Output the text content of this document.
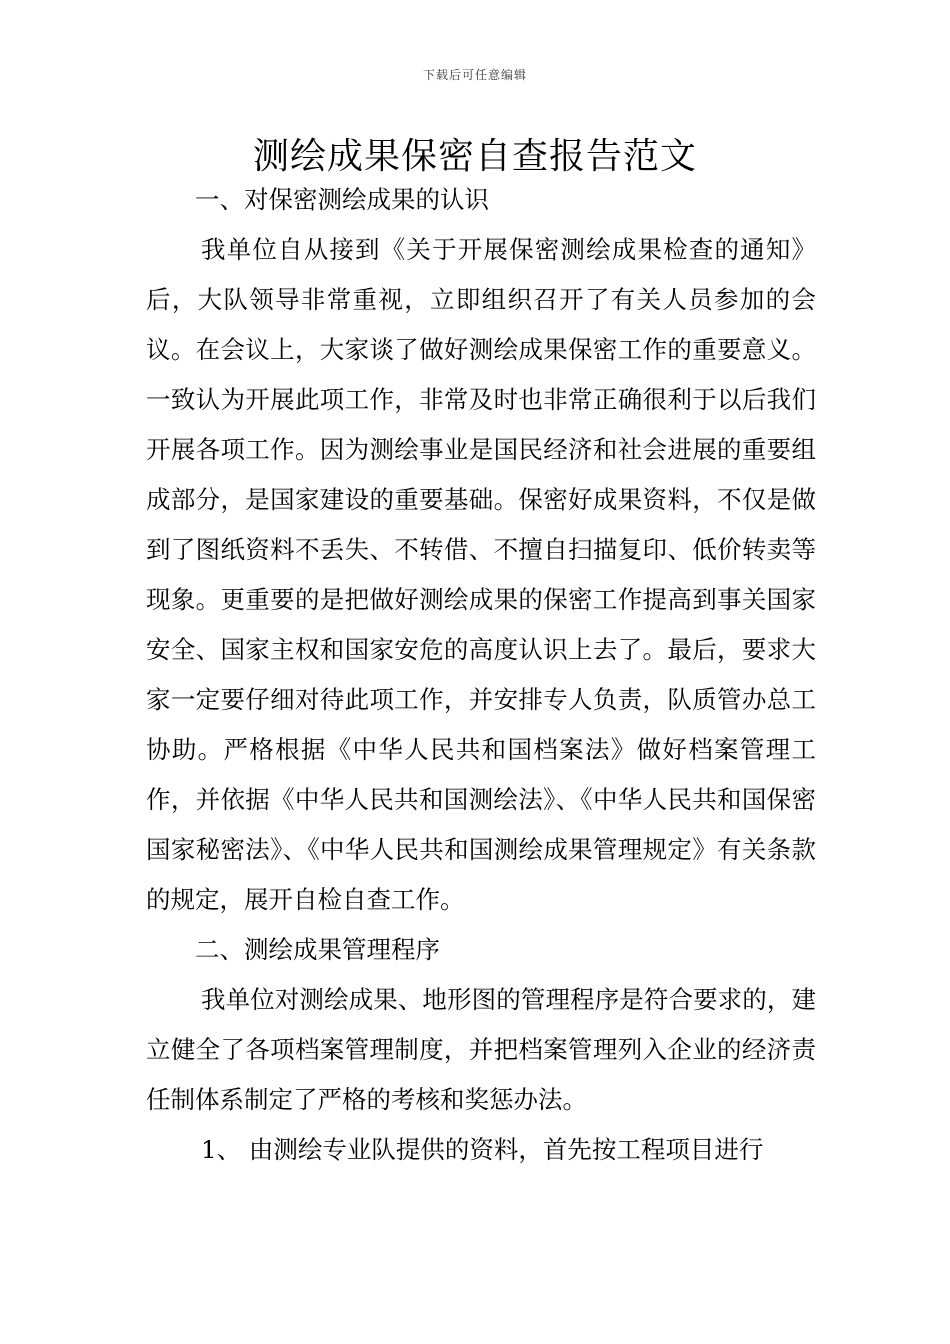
下载后可任意编辑
测绘成果保密自查报告范文

一、对保密测绘成果的认识

我单位自从接到《关于开展保密测绘成果检查的通知》后，大队领导非常重视，立即组织召开了有关人员参加的会议。在会议上，大家谈了做好测绘成果保密工作的重要意义。一致认为开展此项工作，非常及时也非常正确很利于以后我们开展各项工作。因为测绘事业是国民经济和社会进展的重要组成部分，是国家建设的重要基础。保密好成果资料，不仅是做到了图纸资料不丢失、不转借、不擅自扫描复印、低价转卖等现象。更重要的是把做好测绘成果的保密工作提高到事关国家安全、国家主权和国家安危的高度认识上去了。最后，要求大家一定要仔细对待此项工作，并安排专人负责，队质管办总工协助。严格根据《中华人民共和国档案法》做好档案管理工作，并依据《中华人民共和国测绘法》、《中华人民共和国保密国家秘密法》、《中华人民共和国测绘成果管理规定》有关条款的规定，展开自检自查工作。

二、测绘成果管理程序

我单位对测绘成果、地形图的管理程序是符合要求的，建立健全了各项档案管理制度，并把档案管理列入企业的经济责任制体系制定了严格的考核和奖惩办法。

1、 由测绘专业队提供的资料，首先按工程项目进行
